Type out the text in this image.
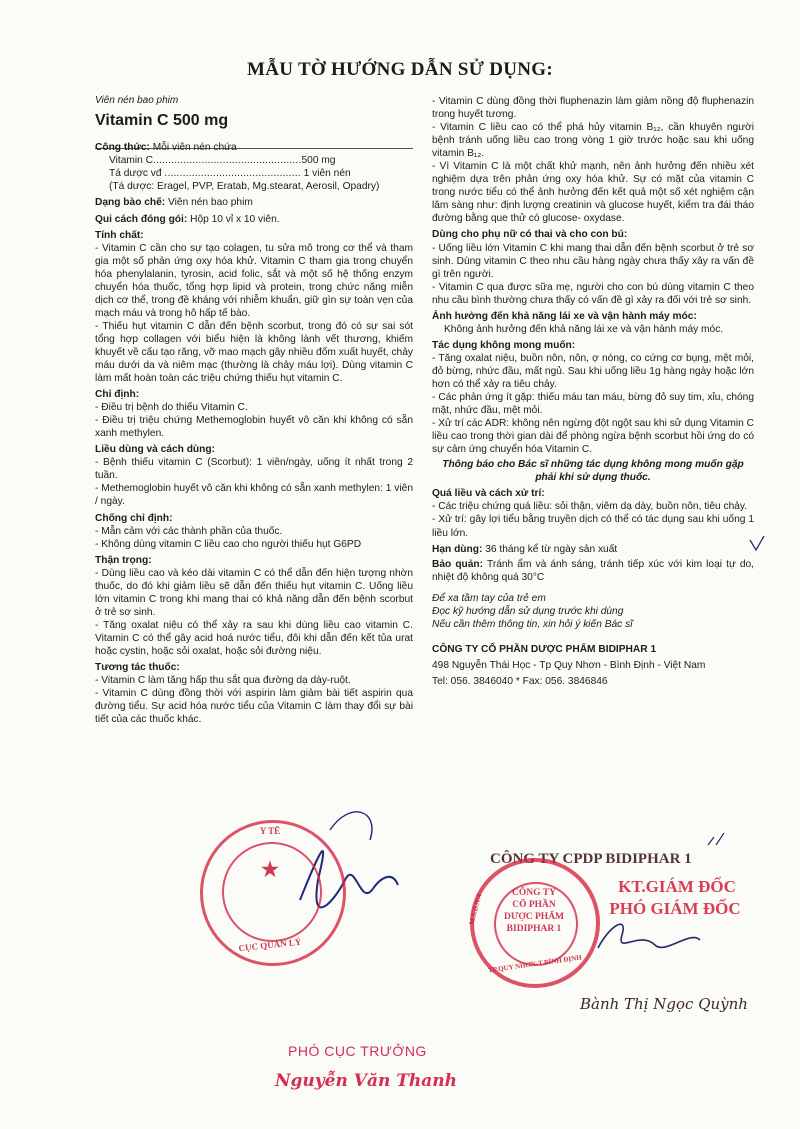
MẪU TỜ HƯỚNG DẪN SỬ DỤNG:
Viên nén bao phim
Vitamin C 500 mg

Công thức: Mỗi viên nén chứa

Vitamin C.................................................500 mg

Tá dược vđ ............................................. 1 viên nén

(Tá dược: Eragel, PVP, Eratab, Mg.stearat, Aerosil, Opadry)

Dạng bào chế: Viên nén bao phim

Qui cách đóng gói: Hộp 10 vỉ x 10 viên.

Tính chất:

- Vitamin C cần cho sự tạo colagen, tu sửa mô trong cơ thể và tham gia một số phản ứng oxy hóa khử. Vitamin C tham gia trong chuyển hóa phenylalanin, tyrosin, acid folic, sắt và một số hệ thống enzym chuyển hóa thuốc, tổng hợp lipid và protein, trong chức năng miễn dịch cơ thể, trong đề kháng với nhiễm khuẩn, giữ gìn sự toàn vẹn của mạch máu và trong hô hấp tế bào.

- Thiếu hụt vitamin C dẫn đến bệnh scorbut, trong đó có sự sai sót tổng hợp collagen với biểu hiện là không lành vết thương, khiếm khuyết về cấu tạo răng, vỡ mao mạch gây nhiều đốm xuất huyết, chảy máu dưới da và niêm mạc (thường là chảy máu lợi). Dùng vitamin C làm mất hoàn toàn các triệu chứng thiếu hụt vitamin C.

Chỉ định:

- Điều trị bệnh do thiếu Vitamin C.

- Điều trị triệu chứng Methemoglobin huyết vô căn khi không có sẵn xanh methylen.

Liều dùng và cách dùng:

- Bệnh thiếu vitamin C (Scorbut): 1 viên/ngày, uống ít nhất trong 2 tuần.

- Methemoglobin huyết vô căn khi không có sẵn xanh methylen: 1 viên / ngày.

Chống chỉ định:

- Mẫn cảm với các thành phần của thuốc.

- Không dùng vitamin C liều cao cho người thiếu hụt G6PD

Thận trọng:

- Dùng liều cao và kéo dài vitamin C có thể dẫn đến hiện tượng nhờn thuốc, do đó khi giảm liều sẽ dẫn đến thiếu hụt vitamin C. Uống liều lớn vitamin C trong khi mang thai có khả năng dẫn đến bệnh scorbut ở trẻ sơ sinh.

- Tăng oxalat niệu có thể xảy ra sau khi dùng liều cao vitamin C. Vitamin C có thể gây acid hoá nước tiểu, đôi khi dẫn đến kết tủa urat hoặc cystin, hoặc sỏi oxalat, hoặc sỏi đường niệu.

Tương tác thuốc:

- Vitamin C làm tăng hấp thu sắt qua đường dạ dày-ruột.

- Vitamin C dùng đồng thời với aspirin làm giảm bài tiết aspirin qua đường tiểu. Sự acid hóa nước tiểu của Vitamin C làm thay đổi sự bài tiết của các thuốc khác.

- Vitamin C dùng đồng thời fluphenazin làm giảm nồng độ fluphenazin trong huyết tương.

- Vitamin C liều cao có thể phá hủy vitamin B₁₂, cần khuyên người bệnh tránh uống liều cao trong vòng 1 giờ trước hoặc sau khi uống vitamin B₁₂.

- Vì Vitamin C là một chất khử mạnh, nên ảnh hưởng đến nhiều xét nghiệm dựa trên phản ứng oxy hóa khử. Sự có mặt của vitamin C trong nước tiểu có thể ảnh hưởng đến kết quả một số xét nghiệm cận lâm sàng như: định lượng creatinin và glucose huyết, kiểm tra đái tháo đường bằng que thử có glucose- oxydase.

Dùng cho phụ nữ có thai và cho con bú:

- Uống liều lớn Vitamin C khi mang thai dẫn đến bệnh scorbut ở trẻ sơ sinh. Dùng vitamin C theo nhu cầu hàng ngày chưa thấy xảy ra vấn đề gì trên người.

- Vitamin C qua được sữa mẹ, người cho con bú dùng vitamin C theo nhu cầu bình thường chưa thấy có vấn đề gì xảy ra đối với trẻ sơ sinh.

Ảnh hưởng đến khả năng lái xe và vận hành máy móc:

Không ảnh hưởng đến khả năng lái xe và vận hành máy móc.

Tác dụng không mong muốn:

- Tăng oxalat niệu, buồn nôn, nôn, ợ nóng, co cứng cơ bụng, mệt mỏi, đỏ bừng, nhức đầu, mất ngủ. Sau khi uống liều 1g hàng ngày hoặc lớn hơn có thể xảy ra tiêu chảy.

- Các phản ứng ít gặp: thiếu máu tan máu, bừng đỏ suy tim, xỉu, chóng mặt, nhức đầu, mệt mỏi.

- Xử trí các ADR: không nên ngừng đột ngột sau khi sử dụng Vitamin C liều cao trong thời gian dài để phòng ngừa bệnh scorbut hồi ứng do có sự cảm ứng chuyển hóa Vitamin C.

Thông báo cho Bác sĩ những tác dụng không mong muốn gặp phải khi sử dụng thuốc.

Quá liều và cách xử trí:

- Các triệu chứng quá liều: sỏi thận, viêm dạ dày, buồn nôn, tiêu chảy.

- Xử trí: gây lợi tiểu bằng truyền dịch có thể có tác dụng sau khi uống 1 liều lớn.

Hạn dùng: 36 tháng kể từ ngày sản xuất

Bảo quản: Tránh ẩm và ánh sáng, tránh tiếp xúc với kim loại tự do, nhiệt độ không quá 30°C

Để xa tầm tay của trẻ em

Đọc kỹ hướng dẫn sử dụng trước khi dùng

Nếu cần thêm thông tin, xin hỏi ý kiến Bác sĩ

CÔNG TY CỔ PHẦN DƯỢC PHẨM BIDIPHAR 1

498 Nguyễn Thái Học - Tp Quy Nhơn - Bình Định - Việt Nam

Tel: 056. 3846040 * Fax: 056. 3846846

CÔNG TY CPDP BIDIPHAR 1
CÔNG TY
CỔ PHẦN
DƯỢC PHẨM
BIDIPHAR 1
TP.QUY NHƠN-T.BÌNH ĐỊNH
M.S.D.N:4
KT.GIÁM ĐỐC
PHÓ GIÁM ĐỐC
Bành Thị Ngọc Quỳnh
★
Y TẾ
CỤC QUẢN LÝ
PHÓ CỤC TRƯỞNG
Nguyễn Văn Thanh
